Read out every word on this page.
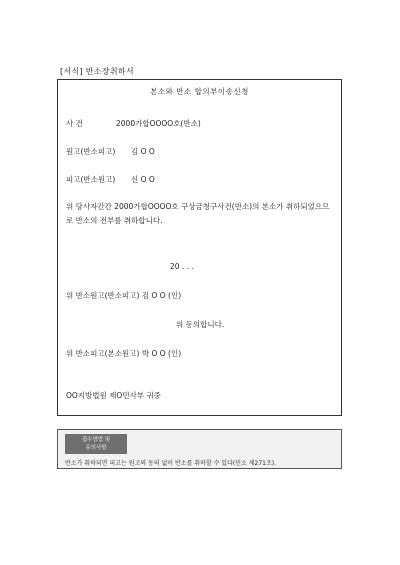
[서식] 반소장취하서
본소와 반소 합의부이송신청
사 건	2000가합OOOO호(반소)
원고(반소피고) 김 O O
피고(반소원고) 신 O O
위 당사자간간 2000가합OOOO호 구상금청구사건(반소)의 본소가 취하되었으므로 반소의 전부를 취하합니다.
20 . . .
위 반소원고(반소피고) 김 O O (인)
위 동의합니다.
위 반소피고(본소원고) 박 O O (인)
OO지방법원 제O민사부 귀중
접수방법 및
유의사항
반소가 취하되면 피고는 원고의 동의 없이 반소를 취하할 수 있다(민소 제271조).
